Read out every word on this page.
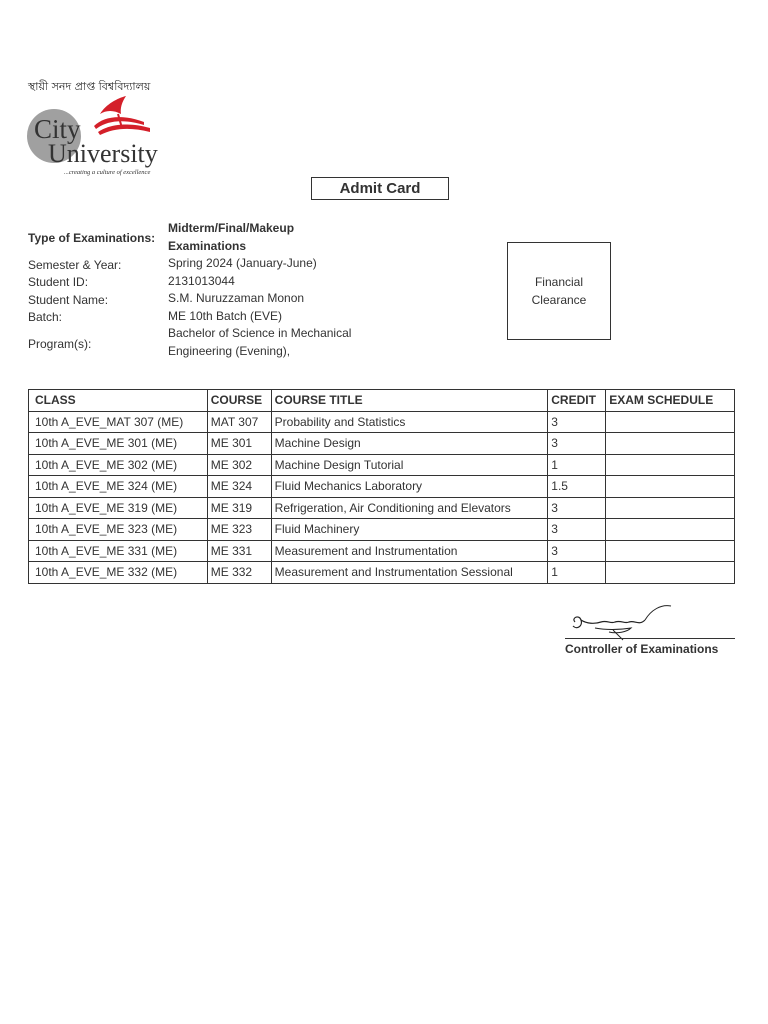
স্থায়ী সনদ প্রাপ্ত বিশ্ববিদ্যালয়
City
University
...creating a culture of excellence
Admit Card
Type of Examinations:
Midterm/Final/Makeup
Examinations
Semester & Year:	Spring 2024 (January-June)
Student ID:	2131013044
Student Name:	S.M. Nuruzzaman Monon
Batch:	ME 10th Batch (EVE)
Program(s):
Bachelor of Science in Mechanical
Engineering (Evening),
Financial
Clearance
CLASS	COURSE	COURSE TITLE	CREDIT	EXAM SCHEDULE
10th A_EVE_MAT 307 (ME)	MAT 307	Probability and Statistics	3	
10th A_EVE_ME 301 (ME)	ME 301	Machine Design	3	
10th A_EVE_ME 302 (ME)	ME 302	Machine Design Tutorial	1	
10th A_EVE_ME 324 (ME)	ME 324	Fluid Mechanics Laboratory	1.5	
10th A_EVE_ME 319 (ME)	ME 319	Refrigeration, Air Conditioning and Elevators	3	
10th A_EVE_ME 323 (ME)	ME 323	Fluid Machinery	3	
10th A_EVE_ME 331 (ME)	ME 331	Measurement and Instrumentation	3	
10th A_EVE_ME 332 (ME)	ME 332	Measurement and Instrumentation Sessional	1	
Controller of Examinations
